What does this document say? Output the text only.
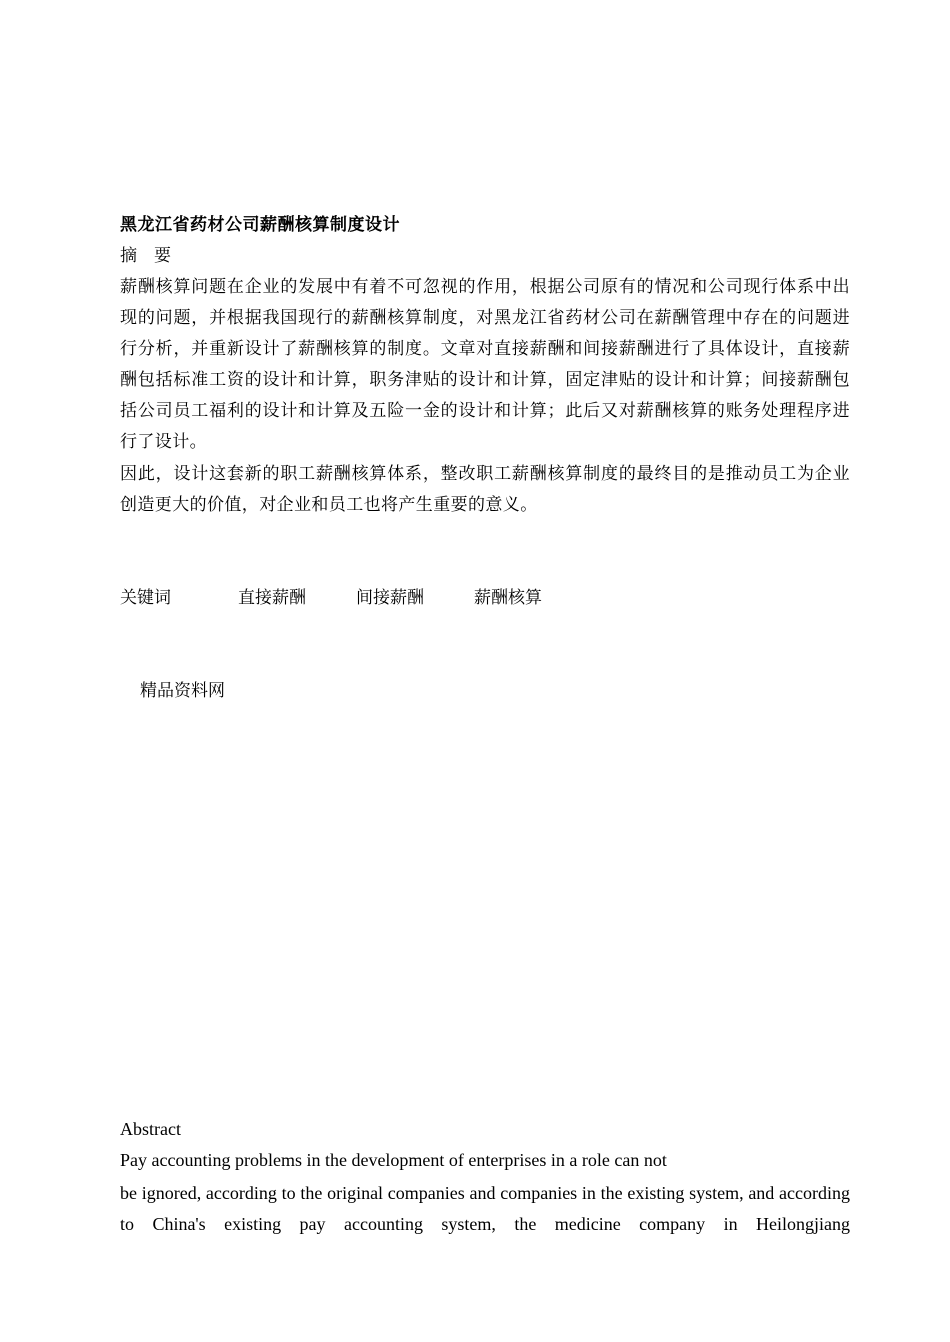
黑龙江省药材公司薪酬核算制度设计
摘　要

薪酬核算问题在企业的发展中有着不可忽视的作用，根据公司原有的情况和公司现行体系中出现的问题，并根据我国现行的薪酬核算制度，对黑龙江省药材公司在薪酬管理中存在的问题进行分析，并重新设计了薪酬核算的制度。文章对直接薪酬和间接薪酬进行了具体设计，直接薪酬包括标准工资的设计和计算，职务津贴的设计和计算，固定津贴的设计和计算；间接薪酬包括公司员工福利的设计和计算及五险一金的设计和计算；此后又对薪酬核算的账务处理程序进行了设计。

因此，设计这套新的职工薪酬核算体系，整改职工薪酬核算制度的最终目的是推动员工为企业创造更大的价值，对企业和员工也将产生重要的意义。

关键词	直接薪酬	间接薪酬	薪酬核算
精品资料网
Abstract
Pay accounting problems in the development of enterprises in a role can not

be ignored, according to the original companies and companies in the existing system, and according to China's existing pay accounting system, the medicine company in Heilongjiang
